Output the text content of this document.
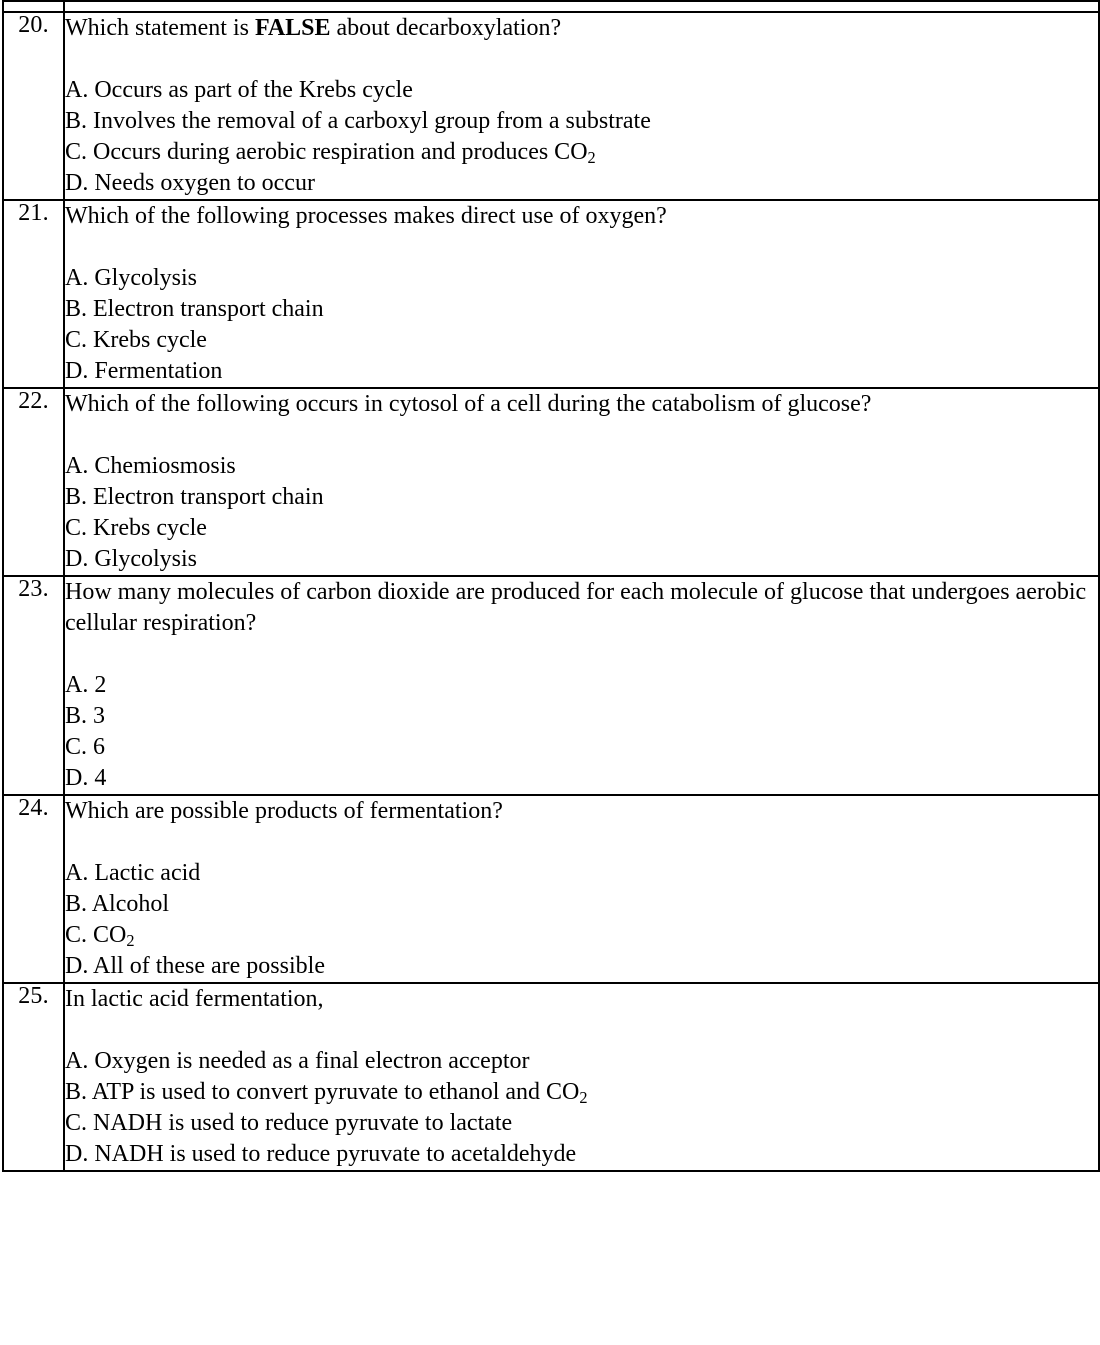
20.	Which statement is FALSE about decarboxylation?
A. Occurs as part of the Krebs cycle
B. Involves the removal of a carboxyl group from a substrate
C. Occurs during aerobic respiration and produces $CO_2$
D. Needs oxygen to occur

21.	Which of the following processes makes direct use of oxygen?
A. Glycolysis
B. Electron transport chain
C. Krebs cycle
D. Fermentation

22.	Which of the following occurs in cytosol of a cell during the catabolism of glucose?
A. Chemiosmosis
B. Electron transport chain
C. Krebs cycle
D. Glycolysis

23.	How many molecules of carbon dioxide are produced for each molecule of glucose that undergoes aerobic cellular respiration?
A. 2
B. 3
C. 6
D. 4

24.	Which are possible products of fermentation?
A. Lactic acid
B. Alcohol
C. $CO_2$
D. All of these are possible

25.	In lactic acid fermentation,
A. Oxygen is needed as a final electron acceptor
B. ATP is used to convert pyruvate to ethanol and $CO_2$
C. NADH is used to reduce pyruvate to lactate
D. NADH is used to reduce pyruvate to acetaldehyde
